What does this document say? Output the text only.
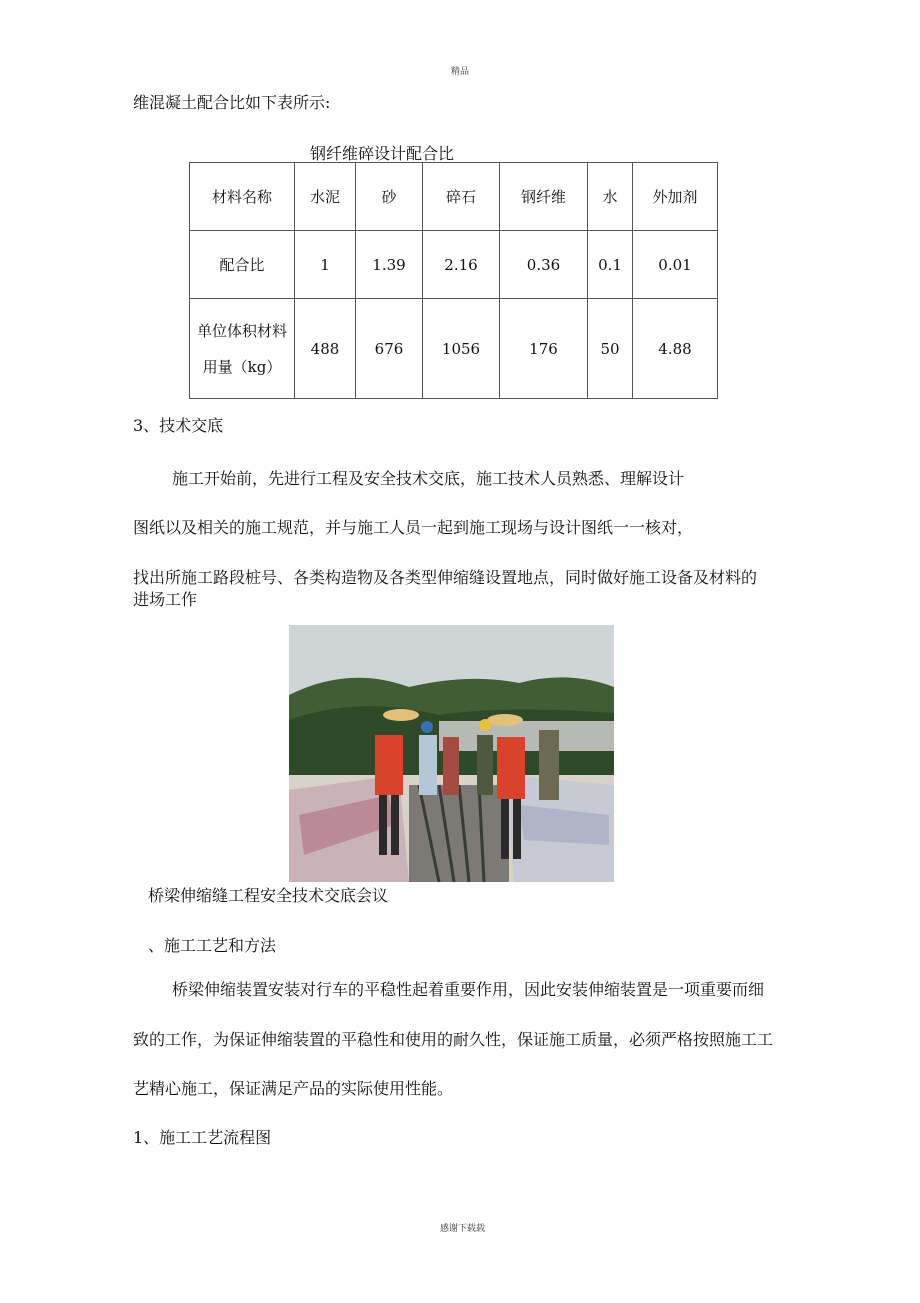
精品
维混凝土配合比如下表所示:
钢纤维碎设计配合比
材料名称	水泥	砂	碎石	钢纤维	水	外加剂
配合比	1	1.39	2.16	0.36	0.1	0.01
单位体积材料用量（kg）	488	676	1056	176	50	4.88
3、技术交底
施工开始前，先进行工程及安全技术交底，施工技术人员熟悉、理解设计
图纸以及相关的施工规范，并与施工人员一起到施工现场与设计图纸一一核对，
找出所施工路段桩号、各类构造物及各类型伸缩缝设置地点，同时做好施工设备及材料的
进场工作
桥梁伸缩缝工程安全技术交底会议
、施工工艺和方法
桥梁伸缩装置安装对行车的平稳性起着重要作用，因此安装伸缩装置是一项重要而细
致的工作，为保证伸缩装置的平稳性和使用的耐久性，保证施工质量，必须严格按照施工工
艺精心施工，保证满足产品的实际使用性能。
1、施工工艺流程图
感谢下载载
